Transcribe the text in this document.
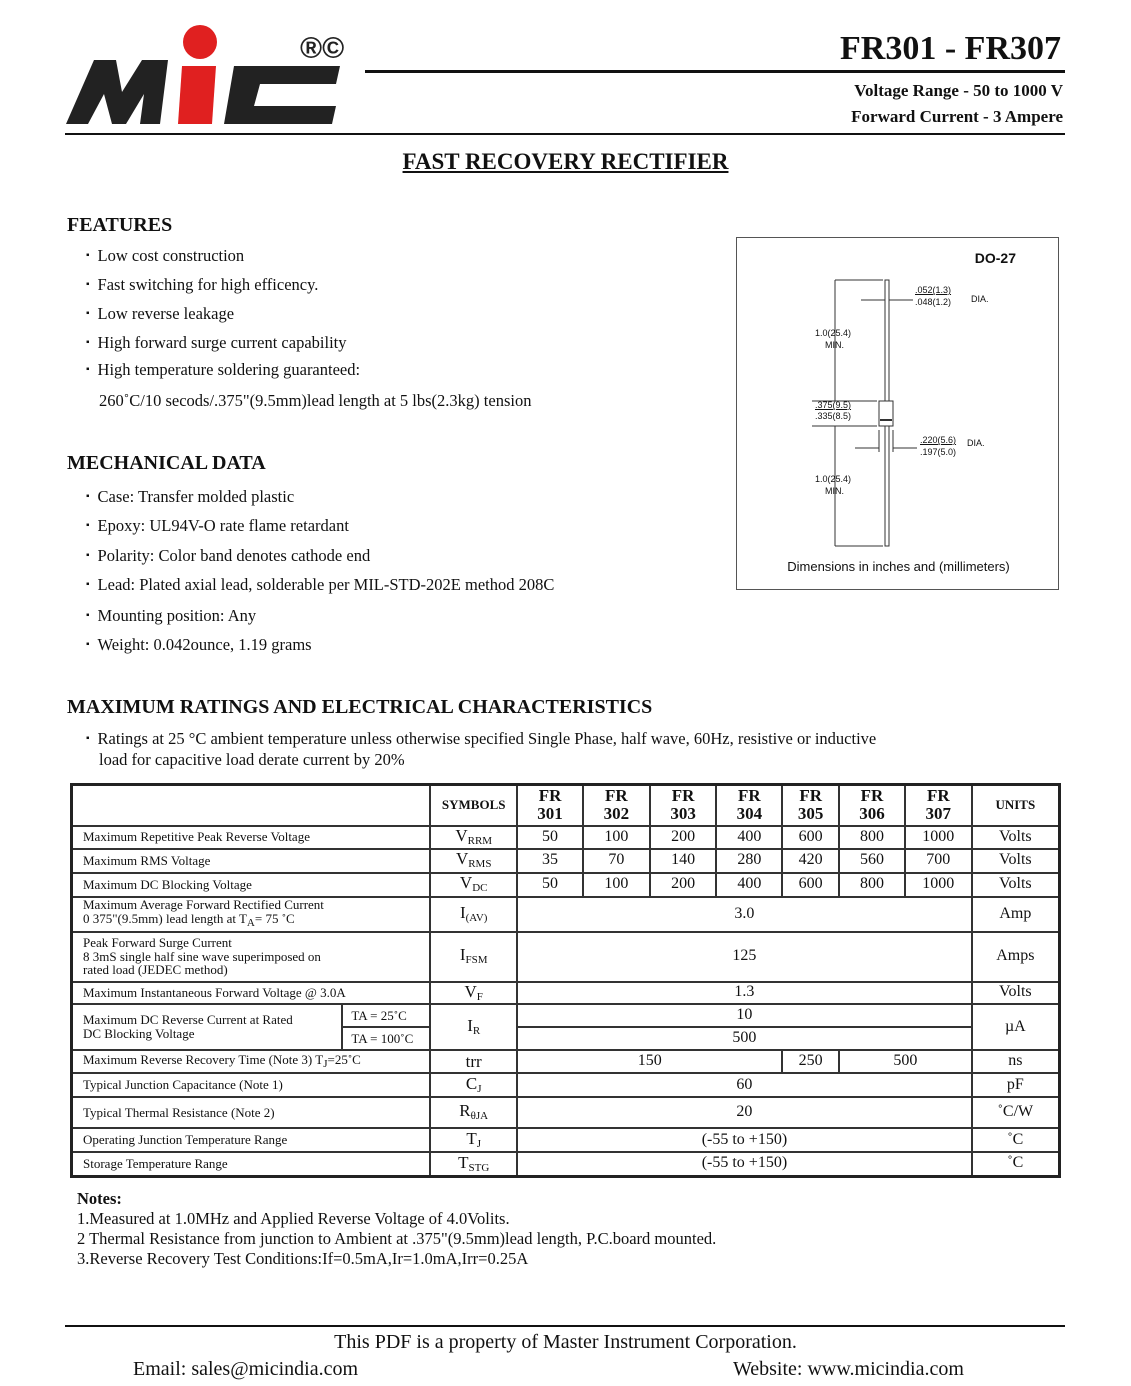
®©	FR301 - FR307
Voltage Range - 50 to 1000 V
Forward Current - 3 Ampere
FAST RECOVERY RECTIFIER
FEATURES
▪ Low cost construction
▪ Fast switching for high efficency.
▪ Low reverse leakage
▪ High forward surge current capability
▪ High temperature soldering guaranteed:
260˚C/10 secods/.375"(9.5mm)lead length at 5 lbs(2.3kg) tension
MECHANICAL DATA
▪ Case: Transfer molded plastic
▪ Epoxy: UL94V-O rate flame retardant
▪ Polarity: Color band denotes cathode end
▪ Lead: Plated axial lead, solderable per MIL-STD-202E method 208C
▪ Mounting position: Any
▪ Weight: 0.042ounce, 1.19 grams
DO-27
.052(1.3)
.048(1.2) DIA.
1.0(25.4)
MIN.
.375(9.5)
.335(8.5)
.220(5.6)
.197(5.0)
DIA.
1.0(25.4)
MIN.
Dimensions in inches and (millimeters)
MAXIMUM RATINGS AND ELECTRICAL CHARACTERISTICS
▪ Ratings at 25 °C ambient temperature unless otherwise specified Single Phase, half wave, 60Hz, resistive or inductive
load for capacitive load derate current by 20%
		SYMBOLS	FR
301	FR
302	FR
303	FR
304	FR
305	FR
306	FR
307	UNITS
Maximum Repetitive Peak Reverse Voltage		$V_{RRM}$	50	100	200	400	600	800	1000	Volts
Maximum RMS Voltage		$V_{RMS}$	35	70	140	280	420	560	700	Volts
Maximum DC Blocking Voltage		$V_{DC}$	50	100	200	400	600	800	1000	Volts
Maximum Average Forward Rectified Current
0 375"(9.5mm) lead length at $T_A= 75$ ˚C		$I_{(AV)}$	3.0							Amp
Peak Forward Surge Current
8 3mS single half sine wave superimposed on
rated load (JEDEC method)		$I_{FSM}$	125							Amps
Maximum Instantaneous Forward Voltage @ 3.0A		$V_F$	1.3							Volts
Maximum DC Reverse Current at Rated
DC Blocking Voltage	TA = 25˚C	$I_R$	10							µA
	TA = 100˚C		500							
Maximum Reverse Recovery Time (Note 3) $T_J=25˚C$		trr	150				250	500		ns
Typical Junction Capacitance (Note 1)		$C_J$	60							pF
Typical Thermal Resistance (Note 2)		$R_{\theta JA}$	20							˚C/W
Operating Junction Temperature Range		$T_J$	(-55 to +150)							˚C
Storage Temperature Range		$T_{STG}$	(-55 to +150)							˚C
Notes:
1.Measured at 1.0MHz and Applied Reverse Voltage of 4.0Volits.
2 Thermal Resistance from junction to Ambient at .375"(9.5mm)lead length, P.C.board mounted.
3.Reverse Recovery Test Conditions:If=0.5mA,Ir=1.0mA,Irr=0.25A
This PDF is a property of Master Instrument Corporation.
Email: sales@micindia.com	Website: www.micindia.com
